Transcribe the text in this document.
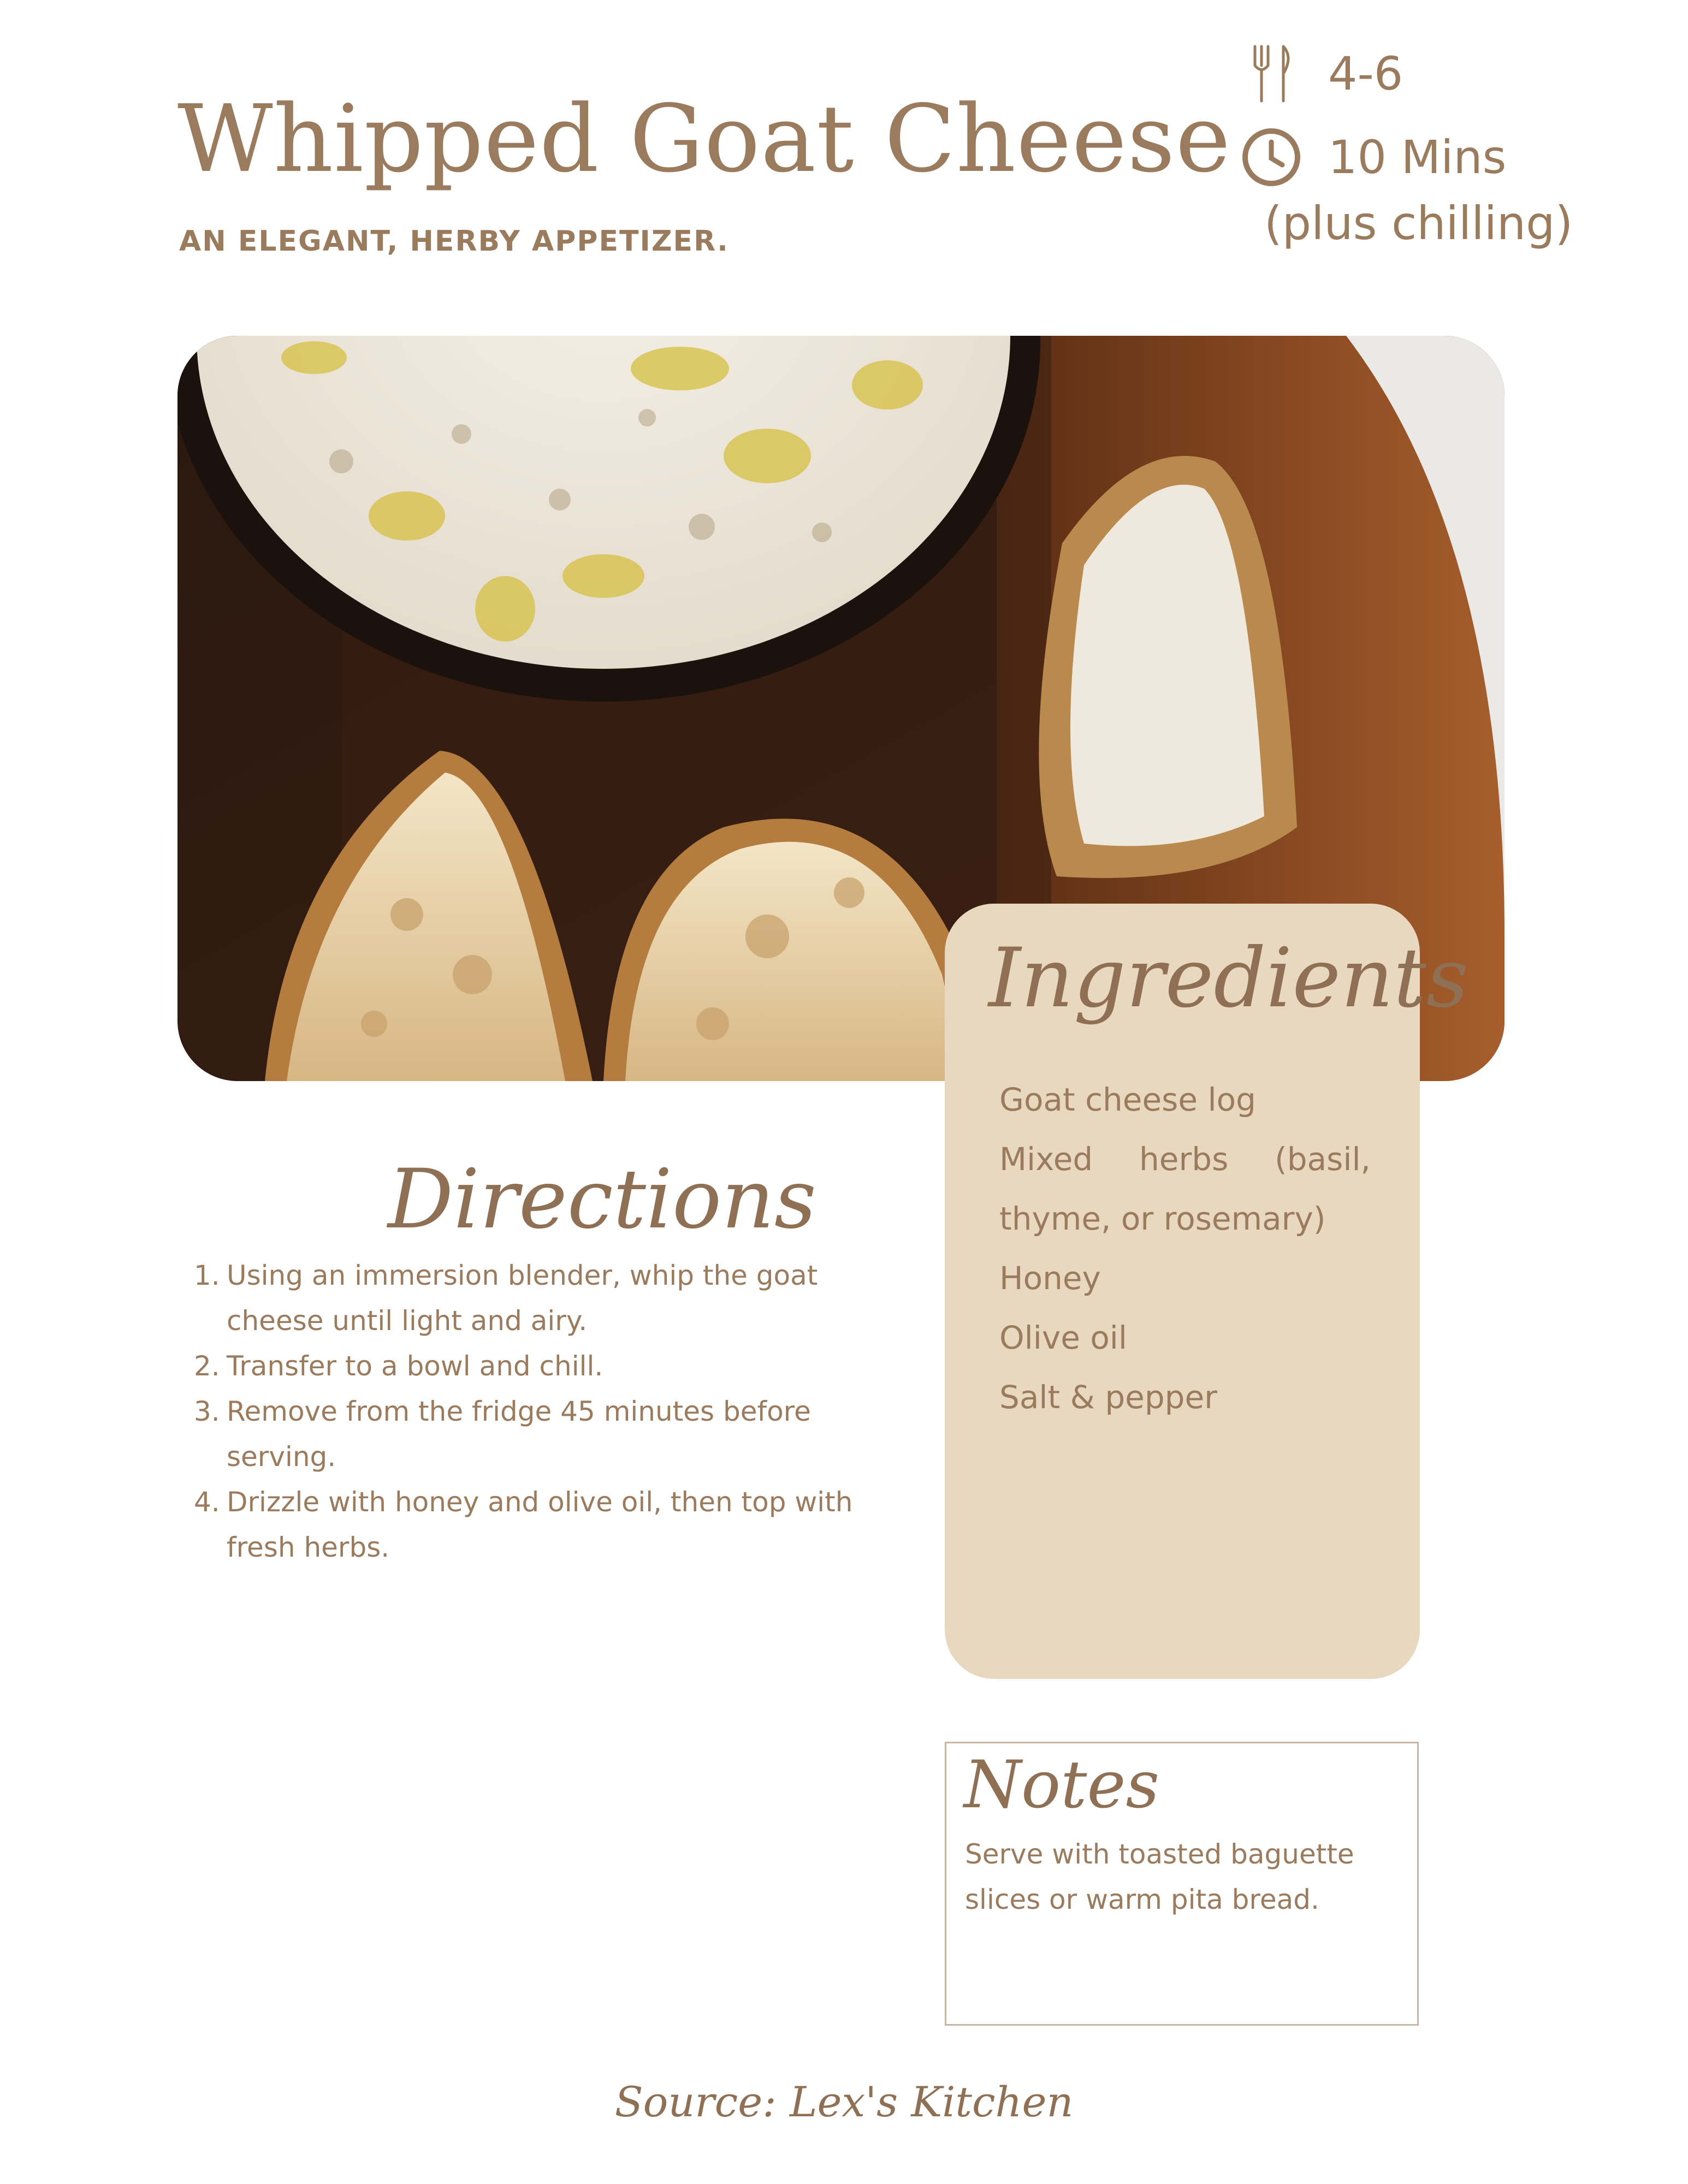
Whipped Goat Cheese
AN ELEGANT, HERBY APPETIZER.
4-6
10 Mins
(plus chilling)
Ingredients
Goat cheese log
Mixed herbs (basil, thyme, or rosemary)
Honey
Olive oil
Salt & pepper
Directions
1. Using an immersion blender, whip the goat cheese until light and airy.
2. Transfer to a bowl and chill.
3. Remove from the fridge 45 minutes before serving.
4. Drizzle with honey and olive oil, then top with fresh herbs.
Notes
Serve with toasted baguette slices or warm pita bread.
Source: Lex's Kitchen
